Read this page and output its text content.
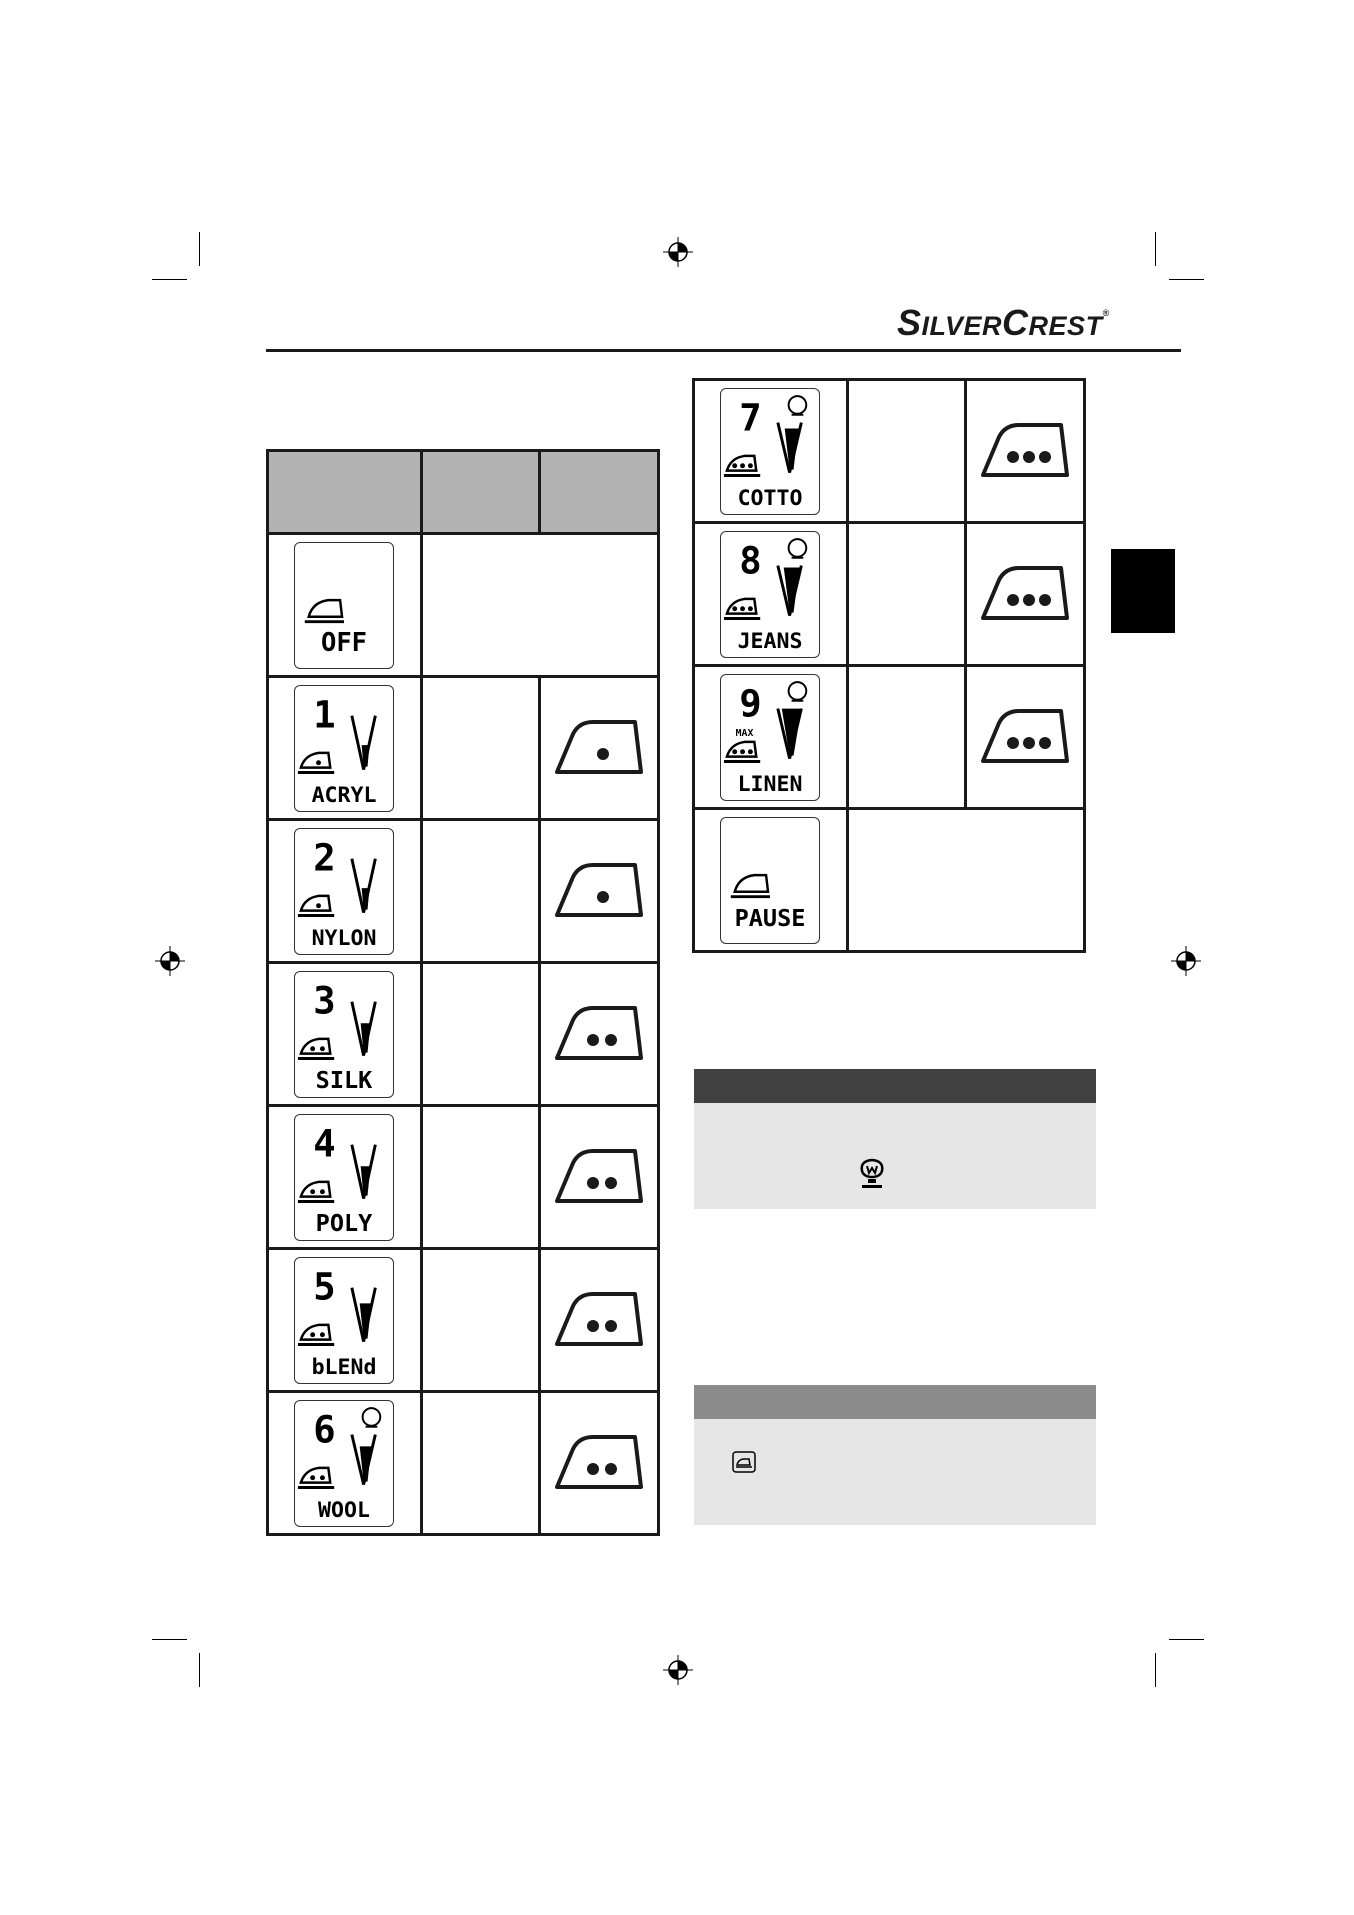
SILVERCREST®

OFF		

1
ACRYL

2
NYLON

3
SILK

4
POLY

5
bLENd

6
WOOL

7
COTTO

8
JEANS

9
MAX
LINEN

PAUSE		
